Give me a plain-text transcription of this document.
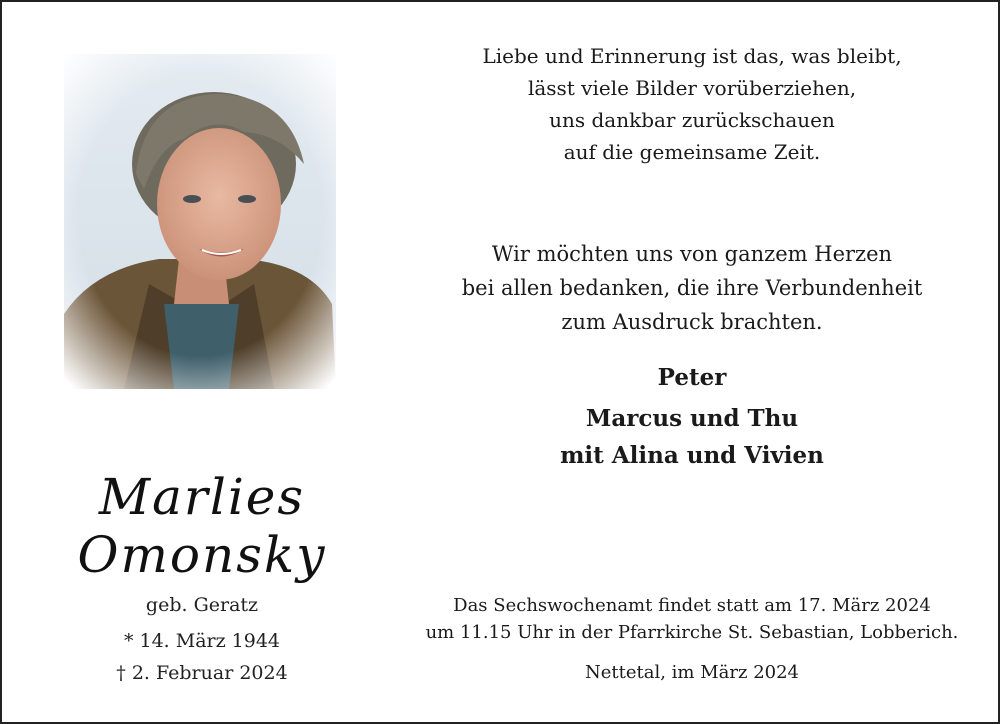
Marlies
Omonsky
geb. Geratz
* 14. März 1944
† 2. Februar 2024
Liebe und Erinnerung ist das, was bleibt,
lässt viele Bilder vorüberziehen,
uns dankbar zurückschauen
auf die gemeinsame Zeit.
Wir möchten uns von ganzem Herzen
bei allen bedanken, die ihre Verbundenheit
zum Ausdruck brachten.
Peter
Marcus und Thu
mit Alina und Vivien
Das Sechswochenamt findet statt am 17. März 2024
um 11.15 Uhr in der Pfarrkirche St. Sebastian, Lobberich.
Nettetal, im März 2024
